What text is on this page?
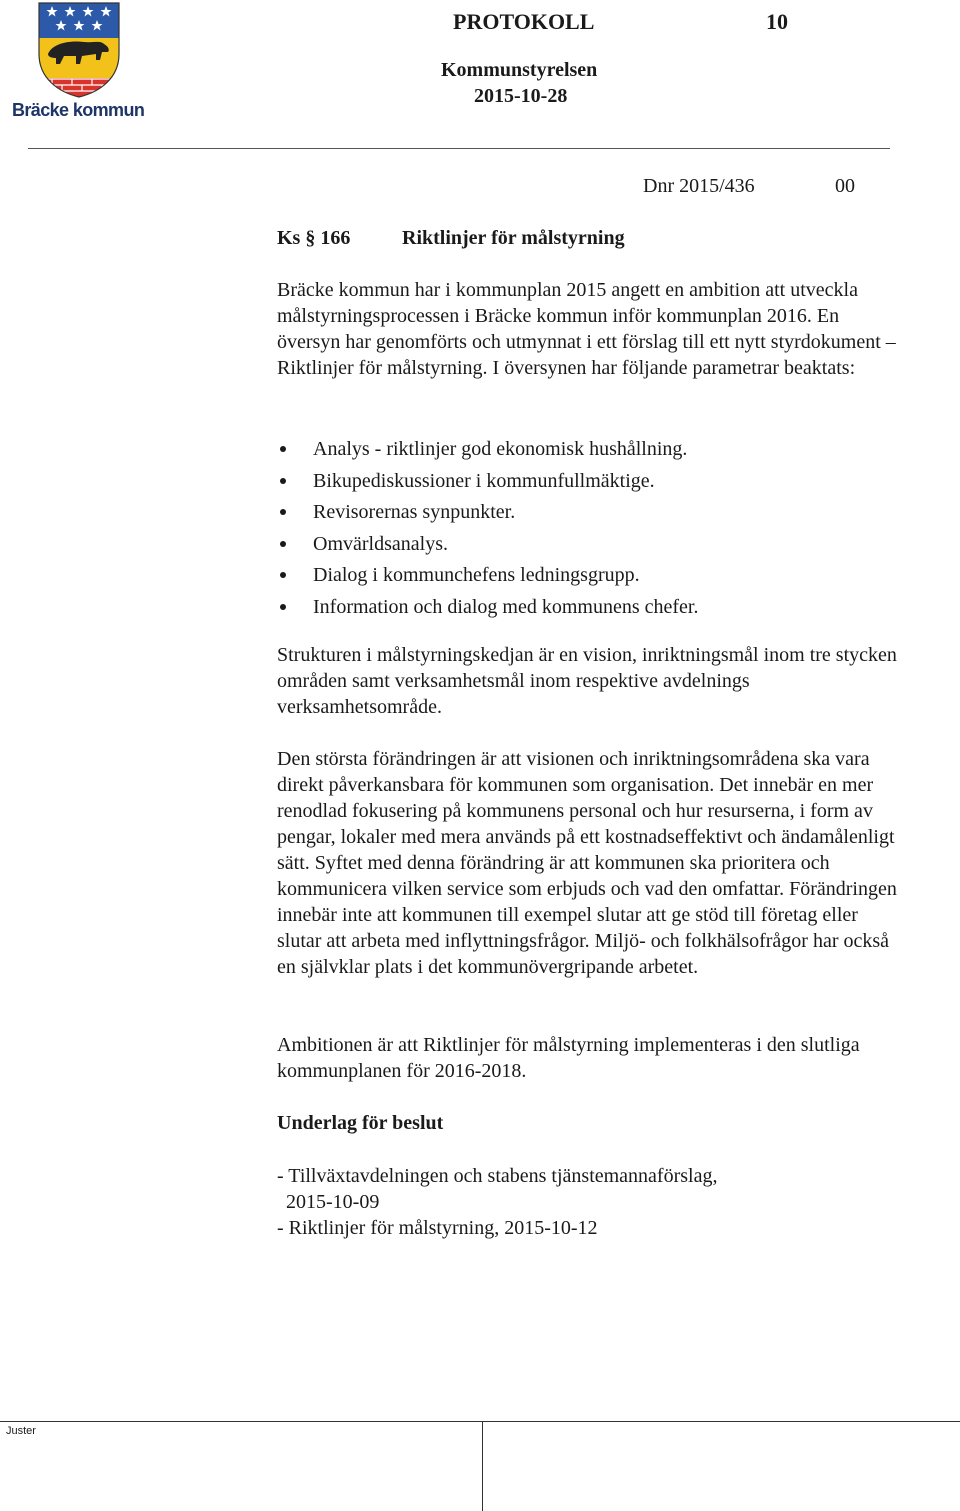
Bräcke kommun
PROTOKOLL	10
Kommunstyrelsen
2015-10-28
Dnr 2015/436	00
Ks § 166	Riktlinjer för målstyrning

Bräcke kommun har i kommunplan 2015 angett en ambition att utveckla målstyrningsprocessen i Bräcke kommun inför kommunplan 2016. En översyn har genomförts och utmynnat i ett förslag till ett nytt styrdokument – Riktlinjer för målstyrning. I översynen har följande parametrar beaktats:

Analys - riktlinjer god ekonomisk hushållning.
Bikupediskussioner i kommunfullmäktige.
Revisorernas synpunkter.
Omvärldsanalys.
Dialog i kommunchefens ledningsgrupp.
Information och dialog med kommunens chefer.

Strukturen i målstyrningskedjan är en vision, inriktningsmål inom tre stycken områden samt verksamhetsmål inom respektive avdelnings verksamhetsområde.

Den största förändringen är att visionen och inriktningsområdena ska vara direkt påverkansbara för kommunen som organisation. Det innebär en mer renodlad fokusering på kommunens personal och hur resurserna, i form av pengar, lokaler med mera används på ett kostnadseffektivt och ändamålenligt sätt. Syftet med denna förändring är att kommunen ska prioritera och kommunicera vilken service som erbjuds och vad den omfattar. Förändringen innebär inte att kommunen till exempel slutar att ge stöd till företag eller slutar att arbeta med inflyttningsfrågor. Miljö- och folkhälsofrågor har också en självklar plats i det kommunövergripande arbetet.

Ambitionen är att Riktlinjer för målstyrning implementeras i den slutliga kommunplanen för 2016-2018.

Underlag för beslut
- Tillväxtavdelningen och stabens tjänstemannaförslag,
2015-10-09
- Riktlinjer för målstyrning, 2015-10-12
Juster
